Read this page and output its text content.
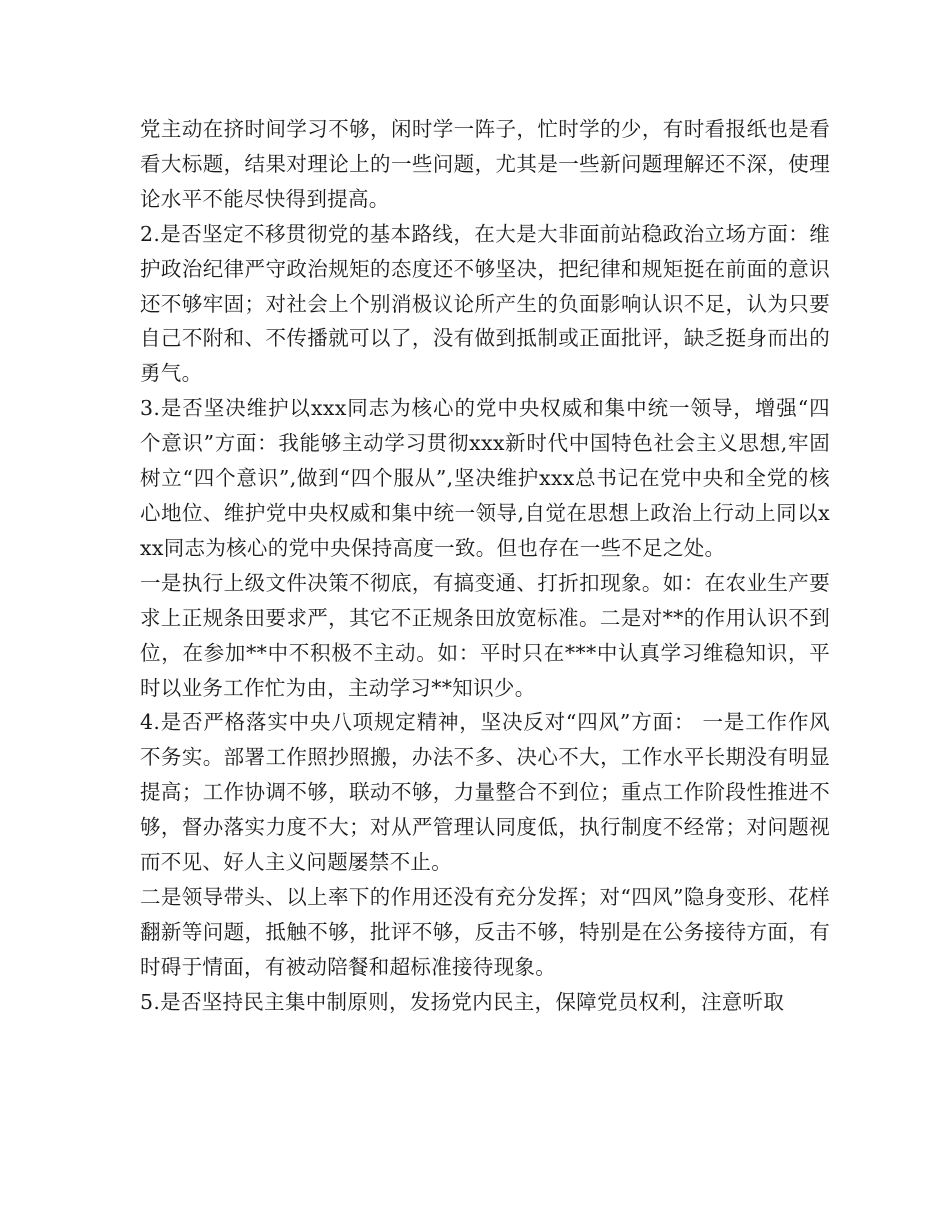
党主动在挤时间学习不够，闲时学一阵子，忙时学的少，有时看报纸也是看看大标题，结果对理论上的一些问题，尤其是一些新问题理解还不深，使理论水平不能尽快得到提高。

2.是否坚定不移贯彻党的基本路线，在大是大非面前站稳政治立场方面：维护政治纪律严守政治规矩的态度还不够坚决，把纪律和规矩挺在前面的意识还不够牢固；对社会上个别消极议论所产生的负面影响认识不足，认为只要自己不附和、不传播就可以了，没有做到抵制或正面批评，缺乏挺身而出的勇气。

3.是否坚决维护以xxx同志为核心的党中央权威和集中统一领导，增强“四个意识”方面：我能够主动学习贯彻xxx新时代中国特色社会主义思想,牢固树立“四个意识”,做到“四个服从”,坚决维护xxx总书记在党中央和全党的核心地位、维护党中央权威和集中统一领导,自觉在思想上政治上行动上同以xxx同志为核心的党中央保持高度一致。但也存在一些不足之处。

一是执行上级文件决策不彻底，有搞变通、打折扣现象。如：在农业生产要求上正规条田要求严，其它不正规条田放宽标准。二是对**的作用认识不到位，在参加**中不积极不主动。如：平时只在***中认真学习维稳知识，平时以业务工作忙为由，主动学习**知识少。

4.是否严格落实中央八项规定精神，坚决反对“四风”方面： 一是工作作风不务实。部署工作照抄照搬，办法不多、决心不大，工作水平长期没有明显提高；工作协调不够，联动不够，力量整合不到位；重点工作阶段性推进不够，督办落实力度不大；对从严管理认同度低，执行制度不经常；对问题视而不见、好人主义问题屡禁不止。

二是领导带头、以上率下的作用还没有充分发挥；对“四风”隐身变形、花样翻新等问题，抵触不够，批评不够，反击不够，特别是在公务接待方面，有时碍于情面，有被动陪餐和超标准接待现象。

5.是否坚持民主集中制原则，发扬党内民主，保障党员权利，注意听取
